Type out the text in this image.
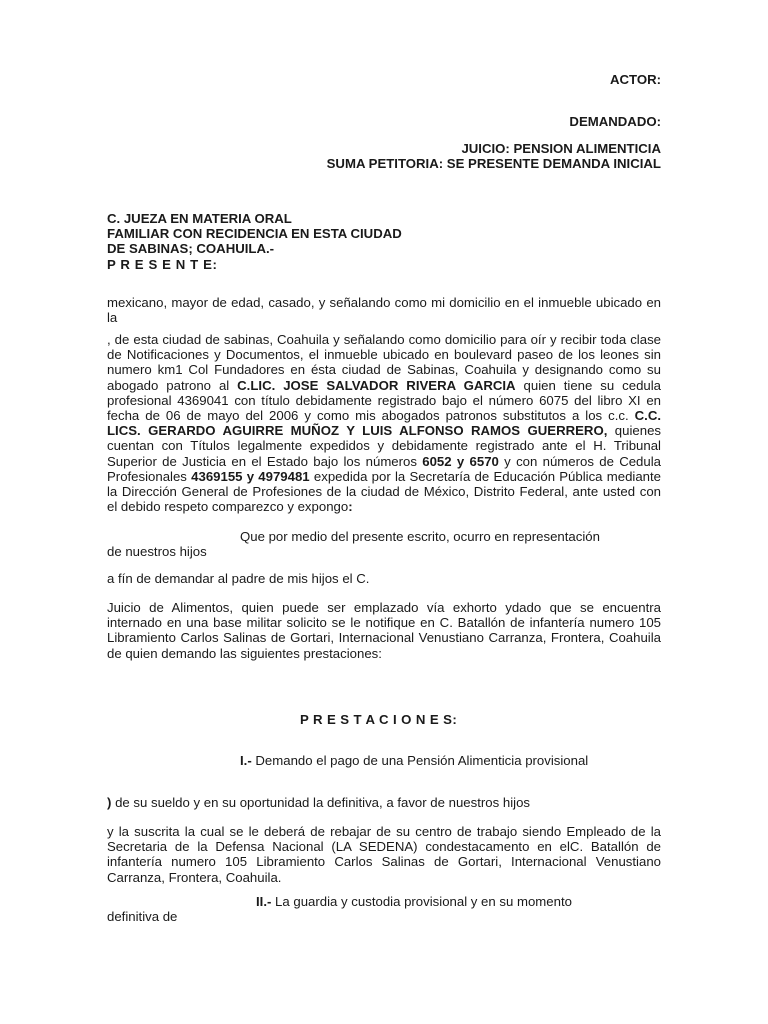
ACTOR:
DEMANDADO:
JUICIO: PENSION ALIMENTICIA
SUMA PETITORIA: SE PRESENTE DEMANDA INICIAL

C. JUEZA EN MATERIA ORAL

FAMILIAR CON RECIDENCIA EN ESTA CIUDAD

DE SABINAS; COAHUILA.-

P R E S E N T E:

mexicano, mayor de edad, casado, y señalando como mi domicilio en el inmueble ubicado en la

, de esta ciudad de sabinas, Coahuila y señalando como domicilio para oír y recibir toda clase de Notificaciones y Documentos, el inmueble ubicado en boulevard paseo de los leones sin numero km1 Col Fundadores en ésta ciudad de Sabinas, Coahuila y designando como su abogado patrono al C.LIC. JOSE SALVADOR RIVERA GARCIA quien tiene su cedula profesional 4369041 con título debidamente registrado bajo el número 6075 del libro XI en fecha de 06 de mayo del 2006 y como mis abogados patronos substitutos a los c.c. C.C. LICS. GERARDO AGUIRRE MUÑOZ Y LUIS ALFONSO RAMOS GUERRERO, quienes cuentan con Títulos legalmente expedidos y debidamente registrado ante el H. Tribunal Superior de Justicia en el Estado bajo los números 6052 y 6570 y con números de Cedula Profesionales 4369155 y 4979481 expedida por la Secretaría de Educación Pública mediante la Dirección General de Profesiones de la ciudad de México, Distrito Federal, ante usted con el debido respeto comparezco y expongo:

Que por medio del presente escrito, ocurro en representación
de nuestros hijos

a fín de demandar al padre de mis hijos el C.

Juicio de Alimentos, quien puede ser emplazado vía exhorto ydado que se encuentra internado en una base militar solicito se le notifique en C. Batallón de infantería numero 105 Libramiento Carlos Salinas de Gortari, Internacional Venustiano Carranza, Frontera, Coahuila de quien demando las siguientes prestaciones:

P R E S T A C I O N E S:

I.- Demando el pago de una Pensión Alimenticia provisional

) de su sueldo y en su oportunidad la definitiva, a favor de nuestros hijos

y la suscrita la cual se le deberá de rebajar de su centro de trabajo siendo Empleado de la Secretaria de la Defensa Nacional (LA SEDENA) condestacamento en elC. Batallón de infantería numero 105 Libramiento Carlos Salinas de Gortari, Internacional Venustiano Carranza, Frontera, Coahuila.

II.- La guardia y custodia provisional y en su momento
definitiva de
